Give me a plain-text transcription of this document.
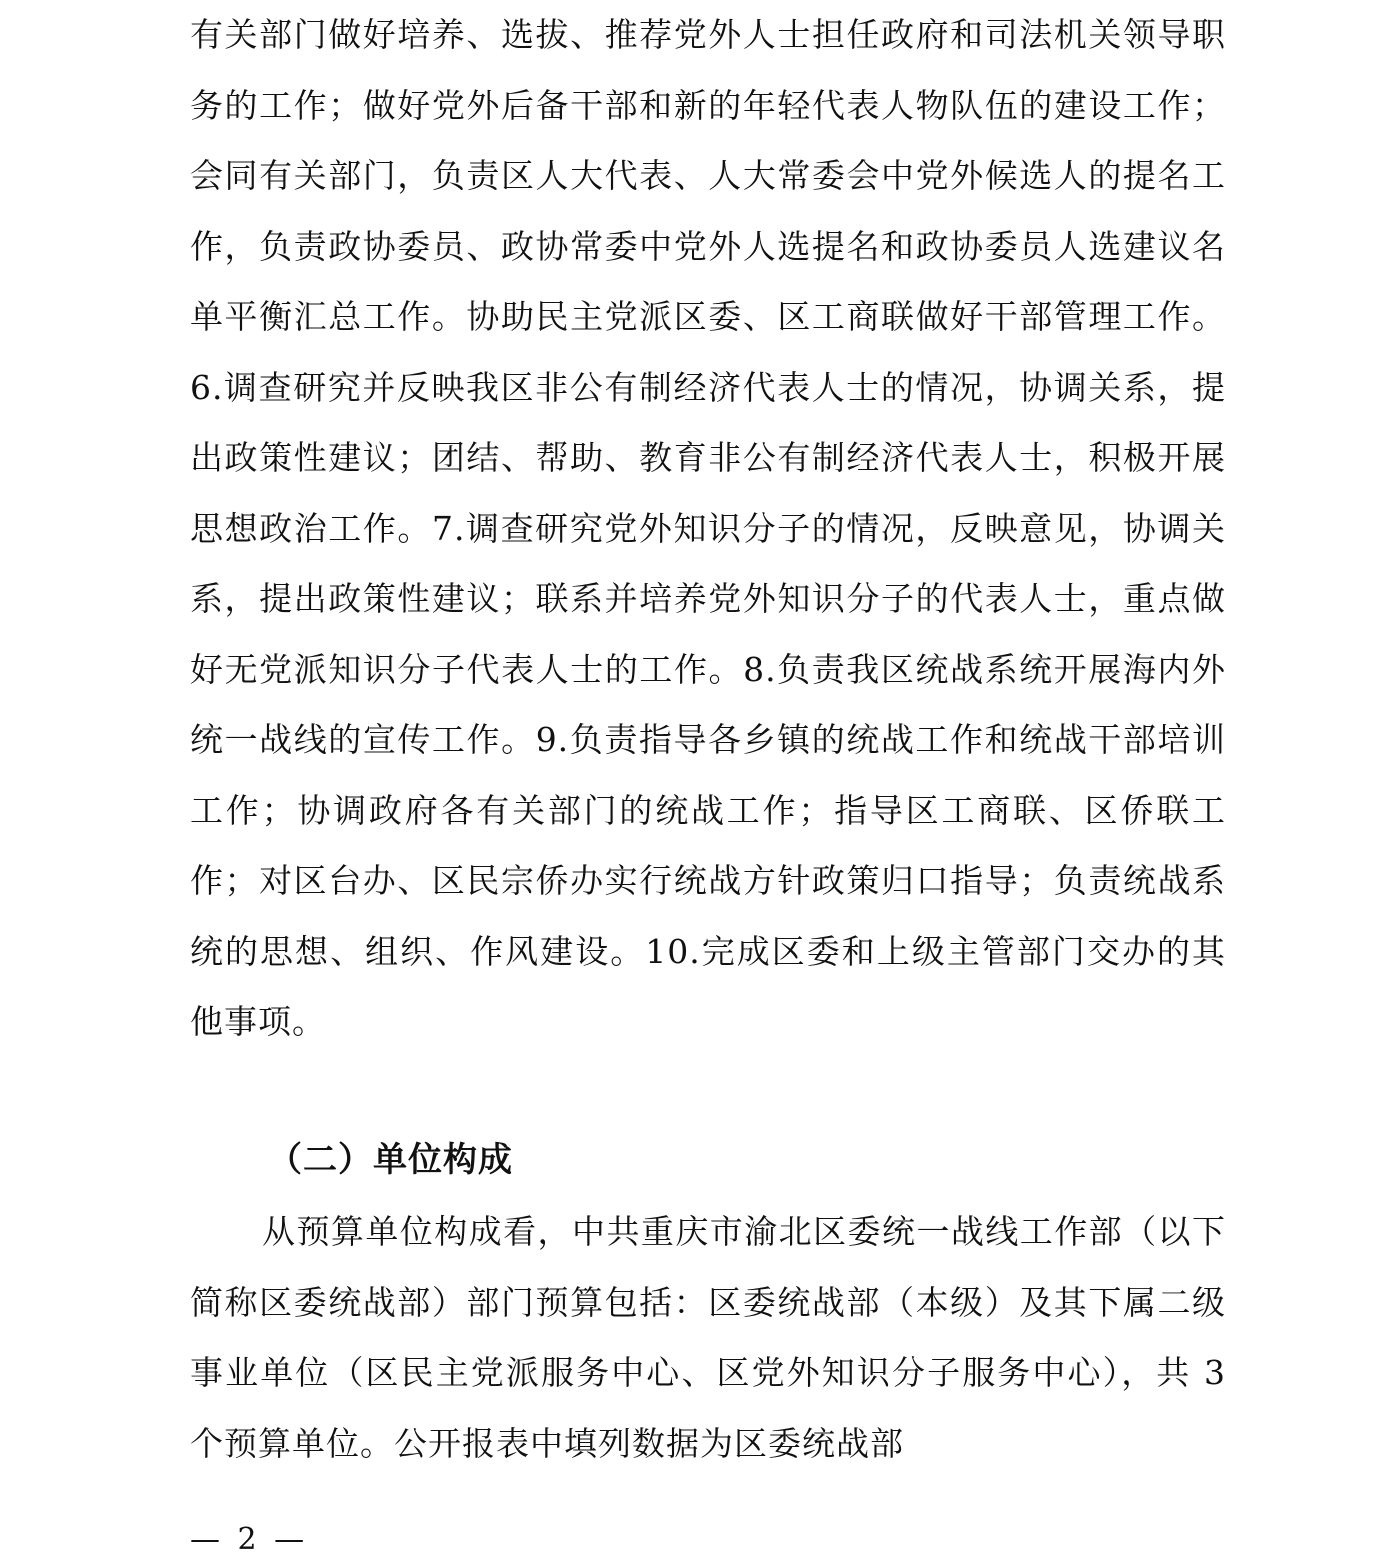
有关部门做好培养、选拔、推荐党外人士担任政府和司法机关领导职务的工作；做好党外后备干部和新的年轻代表人物队伍的建设工作；会同有关部门，负责区人大代表、人大常委会中党外候选人的提名工作，负责政协委员、政协常委中党外人选提名和政协委员人选建议名单平衡汇总工作。协助民主党派区委、区工商联做好干部管理工作。6.调查研究并反映我区非公有制经济代表人士的情况，协调关系，提出政策性建议；团结、帮助、教育非公有制经济代表人士，积极开展思想政治工作。7.调查研究党外知识分子的情况，反映意见，协调关系，提出政策性建议；联系并培养党外知识分子的代表人士，重点做好无党派知识分子代表人士的工作。8.负责我区统战系统开展海内外统一战线的宣传工作。9.负责指导各乡镇的统战工作和统战干部培训工作；协调政府各有关部门的统战工作；指导区工商联、区侨联工作；对区台办、区民宗侨办实行统战方针政策归口指导；负责统战系统的思想、组织、作风建设。10.完成区委和上级主管部门交办的其他事项。
（二）单位构成
从预算单位构成看，中共重庆市渝北区委统一战线工作部（以下简称区委统战部）部门预算包括：区委统战部（本级）及其下属二级事业单位（区民主党派服务中心、区党外知识分子服务中心），共 3 个预算单位。公开报表中填列数据为区委统战部
— 2 —
